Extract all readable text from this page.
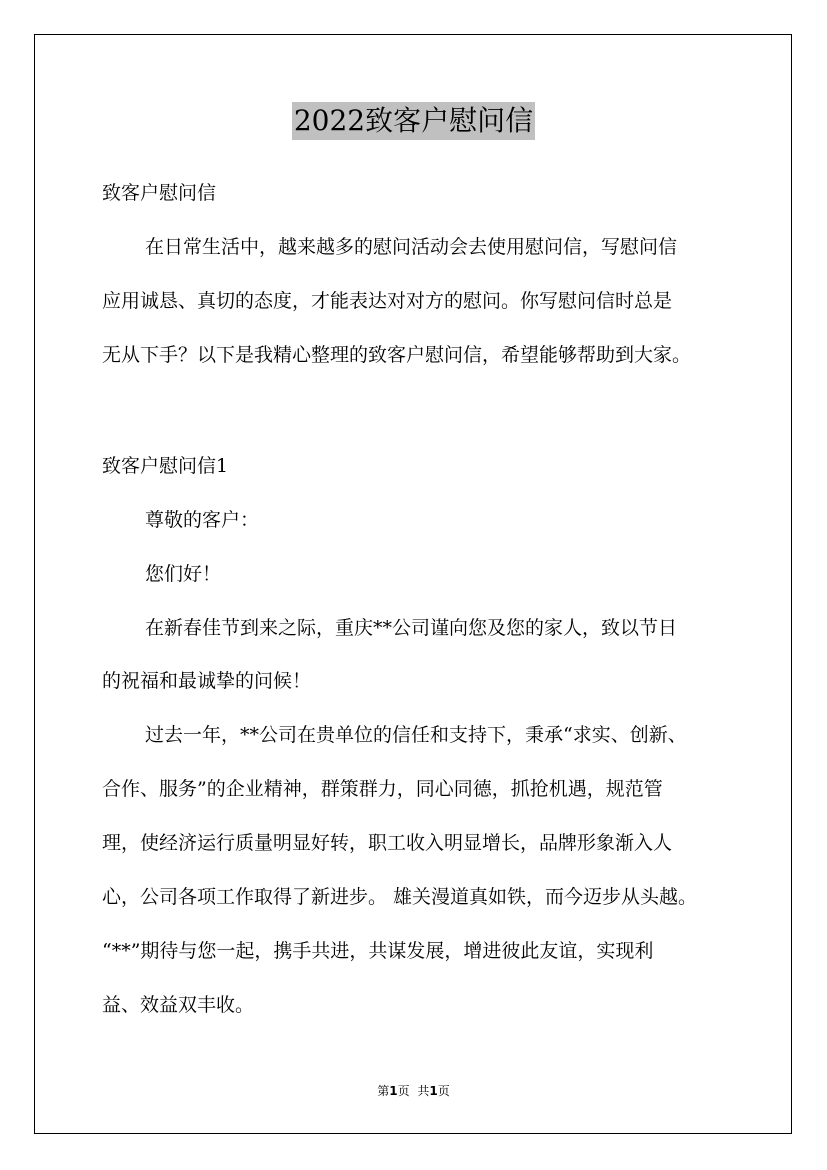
2022致客户慰问信
致客户慰问信
在日常生活中，越来越多的慰问活动会去使用慰问信，写慰问信
应用诚恳、真切的态度，才能表达对对方的慰问。你写慰问信时总是
无从下手？以下是我精心整理的致客户慰问信，希望能够帮助到大家。
致客户慰问信1
尊敬的客户：
您们好！
在新春佳节到来之际，重庆**公司谨向您及您的家人，致以节日
的祝福和最诚挚的问候！
过去一年，**公司在贵单位的信任和支持下，秉承“求实、创新、
合作、服务”的企业精神，群策群力，同心同德，抓抢机遇，规范管
理，使经济运行质量明显好转，职工收入明显增长，品牌形象渐入人
心，公司各项工作取得了新进步。 雄关漫道真如铁，而今迈步从头越。
“**”期待与您一起，携手共进，共谋发展，增进彼此友谊，实现利
益、效益双丰收。
第1页 共1页
